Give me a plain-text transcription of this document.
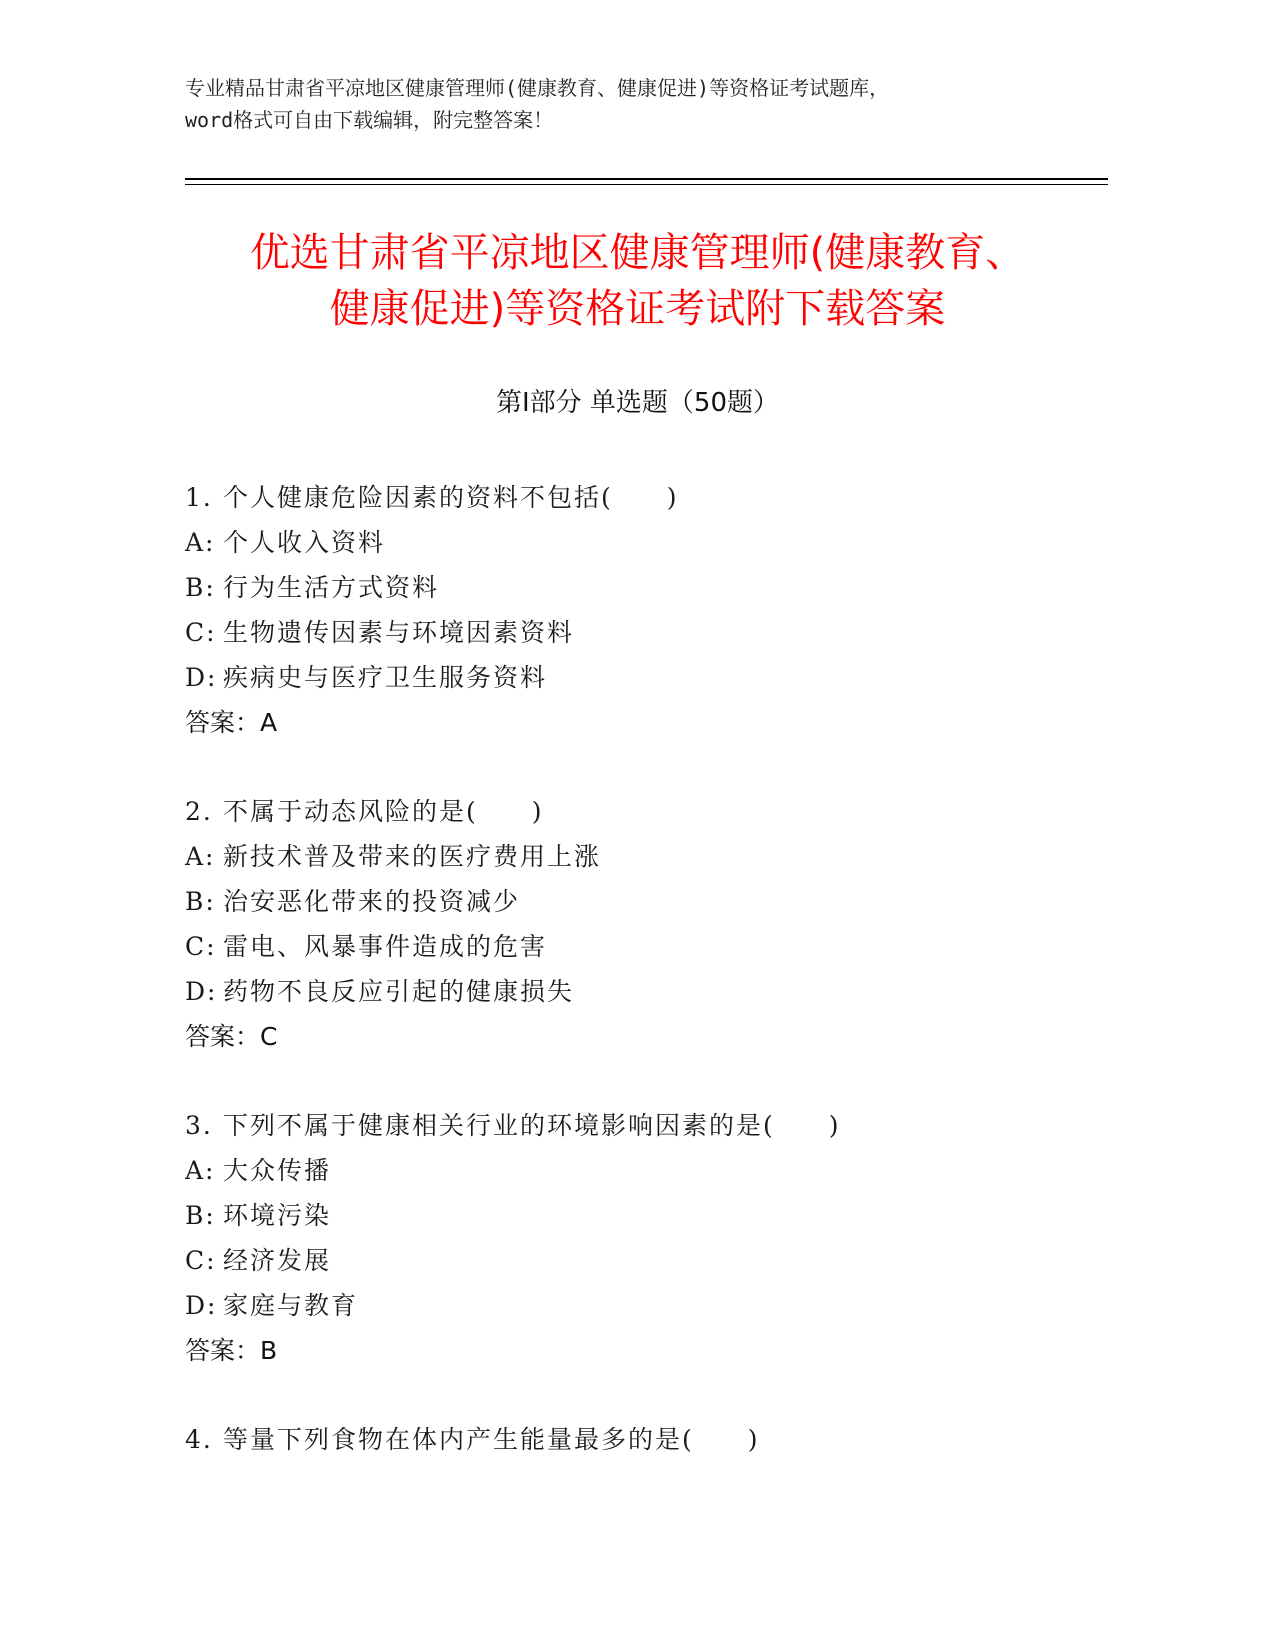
专业精品甘肃省平凉地区健康管理师(健康教育、健康促进)等资格证考试题库，
word格式可自由下载编辑，附完整答案！
优选甘肃省平凉地区健康管理师(健康教育、
健康促进)等资格证考试附下载答案
第Ⅰ部分 单选题（50题）
1. 个人健康危险因素的资料不包括(　　)
A: 个人收入资料
B: 行为生活方式资料
C: 生物遗传因素与环境因素资料
D: 疾病史与医疗卫生服务资料
答案：A
2. 不属于动态风险的是(　　)
A: 新技术普及带来的医疗费用上涨
B: 治安恶化带来的投资减少
C: 雷电、风暴事件造成的危害
D: 药物不良反应引起的健康损失
答案：C
3. 下列不属于健康相关行业的环境影响因素的是(　　)
A: 大众传播
B: 环境污染
C: 经济发展
D: 家庭与教育
答案：B
4. 等量下列食物在体内产生能量最多的是(　　)
